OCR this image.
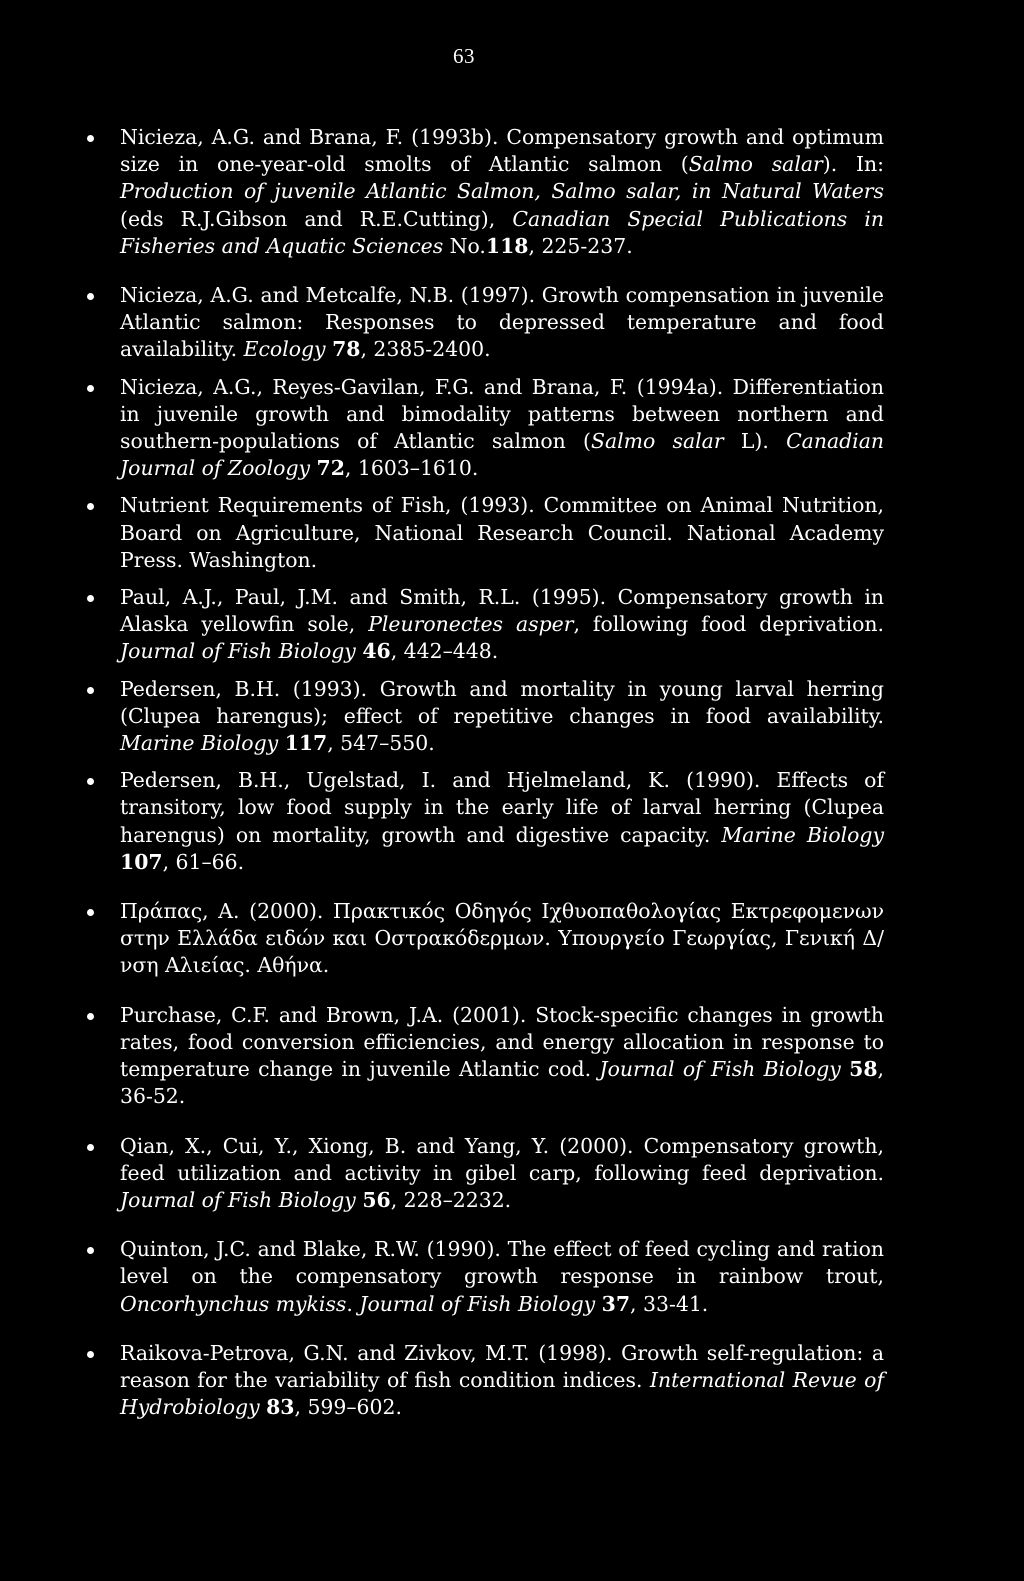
63
Nicieza, A.G. and Brana, F. (1993b). Compensatory growth and optimum size in one-year-old smolts of Atlantic salmon (Salmo salar). In: Production of juvenile Atlantic Salmon, Salmo salar, in Natural Waters (eds R.J.Gibson and R.E.Cutting), Canadian Special Publications in Fisheries and Aquatic Sciences No.118, 225-237.
Nicieza, A.G. and Metcalfe, N.B. (1997). Growth compensation in juvenile Atlantic salmon: Responses to depressed temperature and food availability. Ecology 78, 2385-2400.
Nicieza, A.G., Reyes-Gavilan, F.G. and Brana, F. (1994a). Differentiation in juvenile growth and bimodality patterns between northern and southern-populations of Atlantic salmon (Salmo salar L). Canadian Journal of Zoology 72, 1603–1610.
Nutrient Requirements of Fish, (1993). Committee on Animal Nutrition, Board on Agriculture, National Research Council. National Academy Press. Washington.
Paul, A.J., Paul, J.M. and Smith, R.L. (1995). Compensatory growth in Alaska yellowfin sole, Pleuronectes asper, following food deprivation. Journal of Fish Biology 46, 442–448.
Pedersen, B.H. (1993). Growth and mortality in young larval herring (Clupea harengus); effect of repetitive changes in food availability. Marine Biology 117, 547–550.
Pedersen, B.H., Ugelstad, I. and Hjelmeland, K. (1990). Effects of transitory, low food supply in the early life of larval herring (Clupea harengus) on mortality, growth and digestive capacity. Marine Biology 107, 61–66.
Πράπας, Α. (2000). Πρακτικός Οδηγός Ιχθυοπαθολογίας Εκτρεφομενων στην Ελλάδα ειδών και Οστρακόδερμων. Υπουργείο Γεωργίας, Γενική Δ/νση Αλιείας. Αθήνα.
Purchase, C.F. and Brown, J.A. (2001). Stock-specific changes in growth rates, food conversion efficiencies, and energy allocation in response to temperature change in juvenile Atlantic cod. Journal of Fish Biology 58, 36-52.
Qian, X., Cui, Y., Xiong, B. and Yang, Y. (2000). Compensatory growth, feed utilization and activity in gibel carp, following feed deprivation. Journal of Fish Biology 56, 228–2232.
Quinton, J.C. and Blake, R.W. (1990). The effect of feed cycling and ration level on the compensatory growth response in rainbow trout, Oncorhynchus mykiss. Journal of Fish Biology 37, 33-41.
Raikova-Petrova, G.N. and Zivkov, M.T. (1998). Growth self-regulation: a reason for the variability of fish condition indices. International Revue of Hydrobiology 83, 599–602.
